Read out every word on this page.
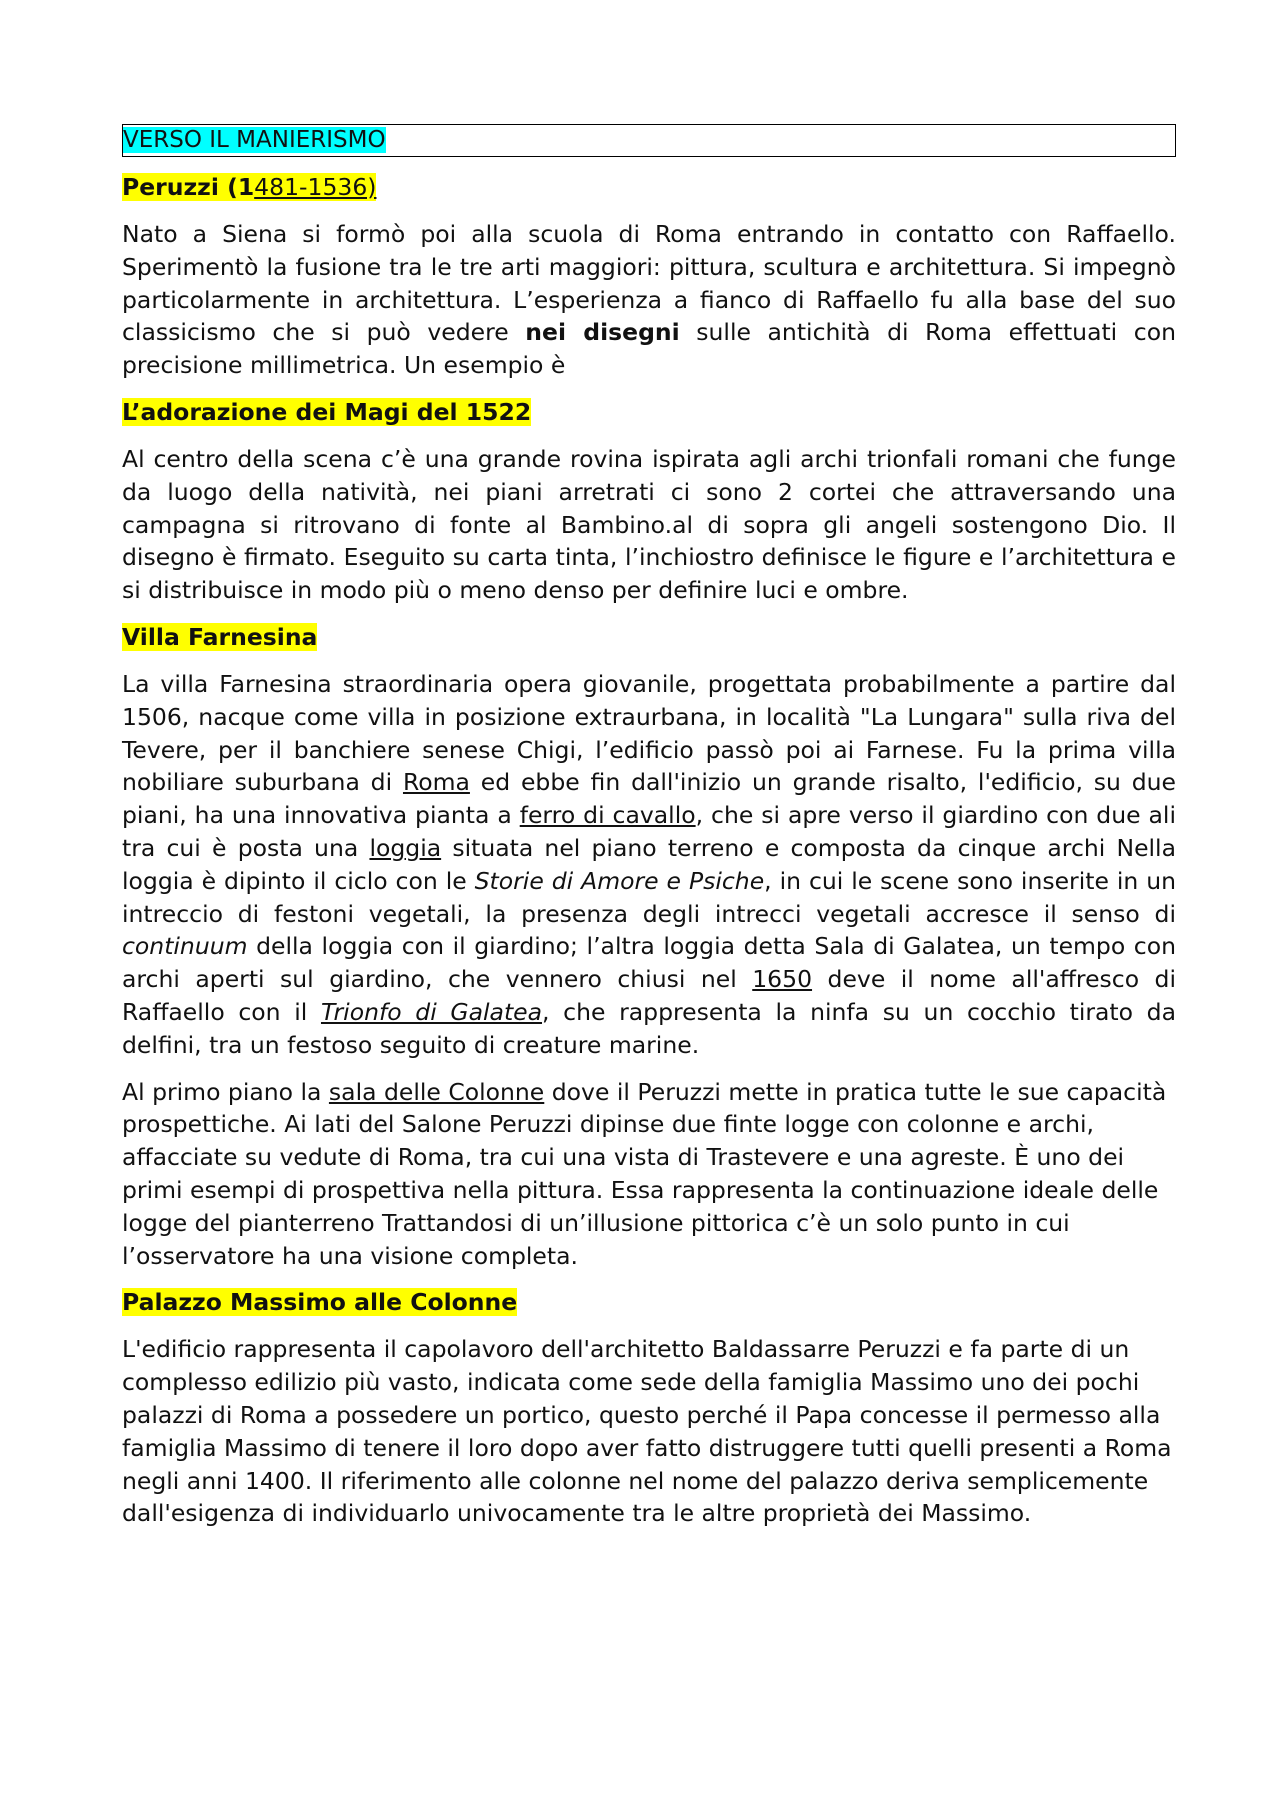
VERSO IL MANIERISMO
Peruzzi (1481-1536)

Nato a Siena si formò poi alla scuola di Roma entrando in contatto con Raffaello. Sperimentò la fusione tra le tre arti maggiori: pittura, scultura e architettura. Si impegnò particolarmente in architettura. L’esperienza a fianco di Raffaello fu alla base del suo classicismo che si può vedere nei disegni sulle antichità di Roma effettuati con precisione millimetrica. Un esempio è

L’adorazione dei Magi del 1522

Al centro della scena c’è una grande rovina ispirata agli archi trionfali romani che funge da luogo della natività, nei piani arretrati ci sono 2 cortei che attraversando una campagna si ritrovano di fonte al Bambino.al di sopra gli angeli sostengono Dio. Il disegno è firmato. Eseguito su carta tinta, l’inchiostro definisce le figure e l’architettura e si distribuisce in modo più o meno denso per definire luci e ombre.

Villa Farnesina

La villa Farnesina straordinaria opera giovanile, progettata probabilmente a partire dal 1506, nacque come villa in posizione extraurbana, in località "La Lungara" sulla riva del Tevere, per il banchiere senese Chigi, l’edificio passò poi ai Farnese. Fu la prima villa nobiliare suburbana di Roma ed ebbe fin dall'inizio un grande risalto, l'edificio, su due piani, ha una innovativa pianta a ferro di cavallo, che si apre verso il giardino con due ali tra cui è posta una loggia situata nel piano terreno e composta da cinque archi Nella loggia è dipinto il ciclo con le Storie di Amore e Psiche, in cui le scene sono inserite in un intreccio di festoni vegetali, la presenza degli intrecci vegetali accresce il senso di continuum della loggia con il giardino; l’altra loggia detta Sala di Galatea, un tempo con archi aperti sul giardino, che vennero chiusi nel 1650 deve il nome all'affresco di Raffaello con il Trionfo di Galatea, che rappresenta la ninfa su un cocchio tirato da delfini, tra un festoso seguito di creature marine.

Al primo piano la sala delle Colonne dove il Peruzzi mette in pratica tutte le sue capacità prospettiche. Ai lati del Salone Peruzzi dipinse due finte logge con colonne e archi, affacciate su vedute di Roma, tra cui una vista di Trastevere e una agreste. È uno dei primi esempi di prospettiva nella pittura. Essa rappresenta la continuazione ideale delle logge del pianterreno Trattandosi di un’illusione pittorica c’è un solo punto in cui l’osservatore ha una visione completa.

Palazzo Massimo alle Colonne

L'edificio rappresenta il capolavoro dell'architetto Baldassarre Peruzzi e fa parte di un complesso edilizio più vasto, indicata come sede della famiglia Massimo uno dei pochi palazzi di Roma a possedere un portico, questo perché il Papa concesse il permesso alla famiglia Massimo di tenere il loro dopo aver fatto distruggere tutti quelli presenti a Roma negli anni 1400. Il riferimento alle colonne nel nome del palazzo deriva semplicemente dall'esigenza di individuarlo univocamente tra le altre proprietà dei Massimo.
